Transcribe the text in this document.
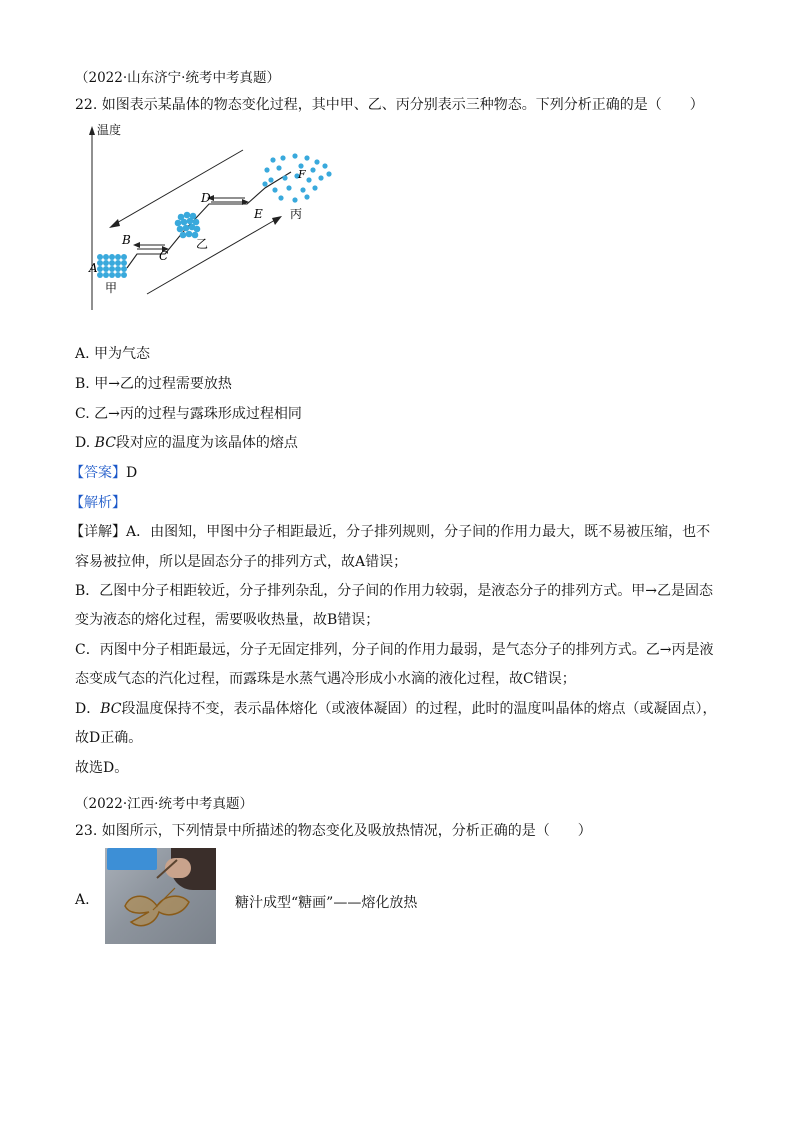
（2022·山东济宁·统考中考真题）
22. 如图表示某晶体的物态变化过程，其中甲、乙、丙分别表示三种物态。下列分析正确的是（　　）
温度
A
B
C
D
E
F
甲
乙
丙
A. 甲为气态
B. 甲→乙的过程需要放热
C. 乙→丙的过程与露珠形成过程相同
D. BC段对应的温度为该晶体的熔点
【答案】D
【解析】
【详解】A．由图知，甲图中分子相距最近，分子排列规则，分子间的作用力最大，既不易被压缩，也不
容易被拉伸，所以是固态分子的排列方式，故A错误；
B．乙图中分子相距较近，分子排列杂乱，分子间的作用力较弱，是液态分子的排列方式。甲→乙是固态
变为液态的熔化过程，需要吸收热量，故B错误；
C．丙图中分子相距最远，分子无固定排列，分子间的作用力最弱，是气态分子的排列方式。乙→丙是液
态变成气态的汽化过程，而露珠是水蒸气遇冷形成小水滴的液化过程，故C错误；
D．BC段温度保持不变，表示晶体熔化（或液体凝固）的过程，此时的温度叫晶体的熔点（或凝固点），
故D正确。
故选D。
（2022·江西·统考中考真题）
23. 如图所示，下列情景中所描述的物态变化及吸放热情况，分析正确的是（　　）
A.	糖汁成型“糖画”——熔化放热
